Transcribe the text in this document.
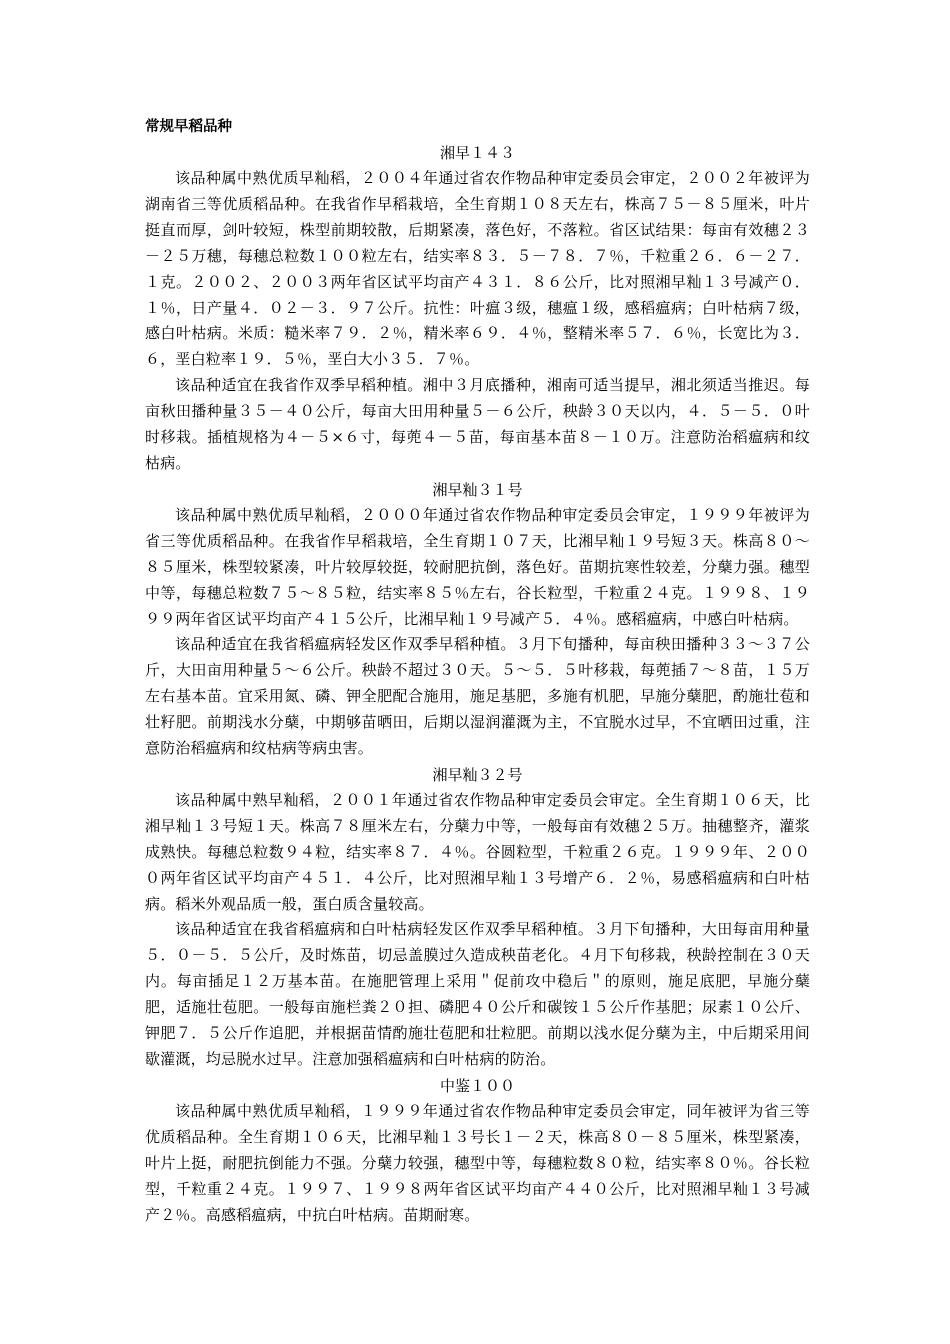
常规早稻品种
湘早１４３

该品种属中熟优质早籼稻，２００４年通过省农作物品种审定委员会审定，２００２年被评为湖南省三等优质稻品种。在我省作早稻栽培，全生育期１０８天左右，株高７５－８５厘米，叶片挺直而厚，剑叶较短，株型前期较散，后期紧凑，落色好，不落粒。省区试结果：每亩有效穗２３－２５万穗，每穗总粒数１００粒左右，结实率８３．５－７８．７％，千粒重２６．６－２７．１克。２００２、２００３两年省区试平均亩产４３１．８６公斤，比对照湘早籼１３号减产０．１％，日产量４．０２－３．９７公斤。抗性：叶瘟３级，穗瘟１级，感稻瘟病；白叶枯病７级，感白叶枯病。米质：糙米率７９．２％，精米率６９．４％，整精米率５７．６％，长宽比为３．６，垩白粒率１９．５％，垩白大小３５．７％。

该品种适宜在我省作双季早稻种植。湘中３月底播种，湘南可适当提早，湘北须适当推迟。每亩秋田播种量３５－４０公斤，每亩大田用种量５－６公斤，秧龄３０天以内，４．５－５．０叶时移栽。插植规格为４－５×６寸，每蔸４－５苗，每亩基本苗８－１０万。注意防治稻瘟病和纹枯病。

湘早籼３１号

该品种属中熟优质早籼稻，２０００年通过省农作物品种审定委员会审定，１９９９年被评为省三等优质稻品种。在我省作早稻栽培，全生育期１０７天，比湘早籼１９号短３天。株高８０～８５厘米，株型较紧凑，叶片较厚较挺，较耐肥抗倒，落色好。苗期抗寒性较差，分蘖力强。穗型中等，每穗总粒数７５～８５粒，结实率８５％左右，谷长粒型，千粒重２４克。１９９８、１９９９两年省区试平均亩产４１５公斤，比湘早籼１９号减产５．４％。感稻瘟病，中感白叶枯病。

该品种适宜在我省稻瘟病轻发区作双季早稻种植。３月下旬播种，每亩秧田播种３３～３７公斤，大田亩用种量５～６公斤。秧龄不超过３０天。５～５．５叶移栽，每蔸插７～８苗，１５万左右基本苗。宜采用氮、磷、钾全肥配合施用，施足基肥，多施有机肥，早施分蘖肥，酌施壮苞和壮籽肥。前期浅水分蘖，中期够苗晒田，后期以湿润灌溉为主，不宜脱水过早，不宜晒田过重，注意防治稻瘟病和纹枯病等病虫害。

湘早籼３２号

该品种属中熟早籼稻，２００１年通过省农作物品种审定委员会审定。全生育期１０６天，比湘早籼１３号短１天。株高７８厘米左右，分蘖力中等，一般每亩有效穗２５万。抽穗整齐，灌浆成熟快。每穗总粒数９４粒，结实率８７．４％。谷圆粒型，千粒重２６克。１９９９年、２０００两年省区试平均亩产４５１．４公斤，比对照湘早籼１３号增产６．２％，易感稻瘟病和白叶枯病。稻米外观品质一般，蛋白质含量较高。

该品种适宜在我省稻瘟病和白叶枯病轻发区作双季早稻种植。３月下旬播种，大田每亩用种量５．０－５．５公斤，及时炼苗，切忌盖膜过久造成秧苗老化。４月下旬移栽，秧龄控制在３０天内。每亩插足１２万基本苗。在施肥管理上采用＂促前攻中稳后＂的原则，施足底肥，早施分蘖肥，适施壮苞肥。一般每亩施栏粪２０担、磷肥４０公斤和碳铵１５公斤作基肥；尿素１０公斤、钾肥７．５公斤作追肥，并根据苗情酌施壮苞肥和壮粒肥。前期以浅水促分蘖为主，中后期采用间歇灌溉，均忌脱水过早。注意加强稻瘟病和白叶枯病的防治。

中鉴１００

该品种属中熟优质早籼稻，１９９９年通过省农作物品种审定委员会审定，同年被评为省三等优质稻品种。全生育期１０６天，比湘早籼１３号长１－２天，株高８０－８５厘米，株型紧凑，叶片上挺，耐肥抗倒能力不强。分蘖力较强，穗型中等，每穗粒数８０粒，结实率８０％。谷长粒型，千粒重２４克。１９９７、１９９８两年省区试平均亩产４４０公斤，比对照湘早籼１３号减产２％。高感稻瘟病，中抗白叶枯病。苗期耐寒。
